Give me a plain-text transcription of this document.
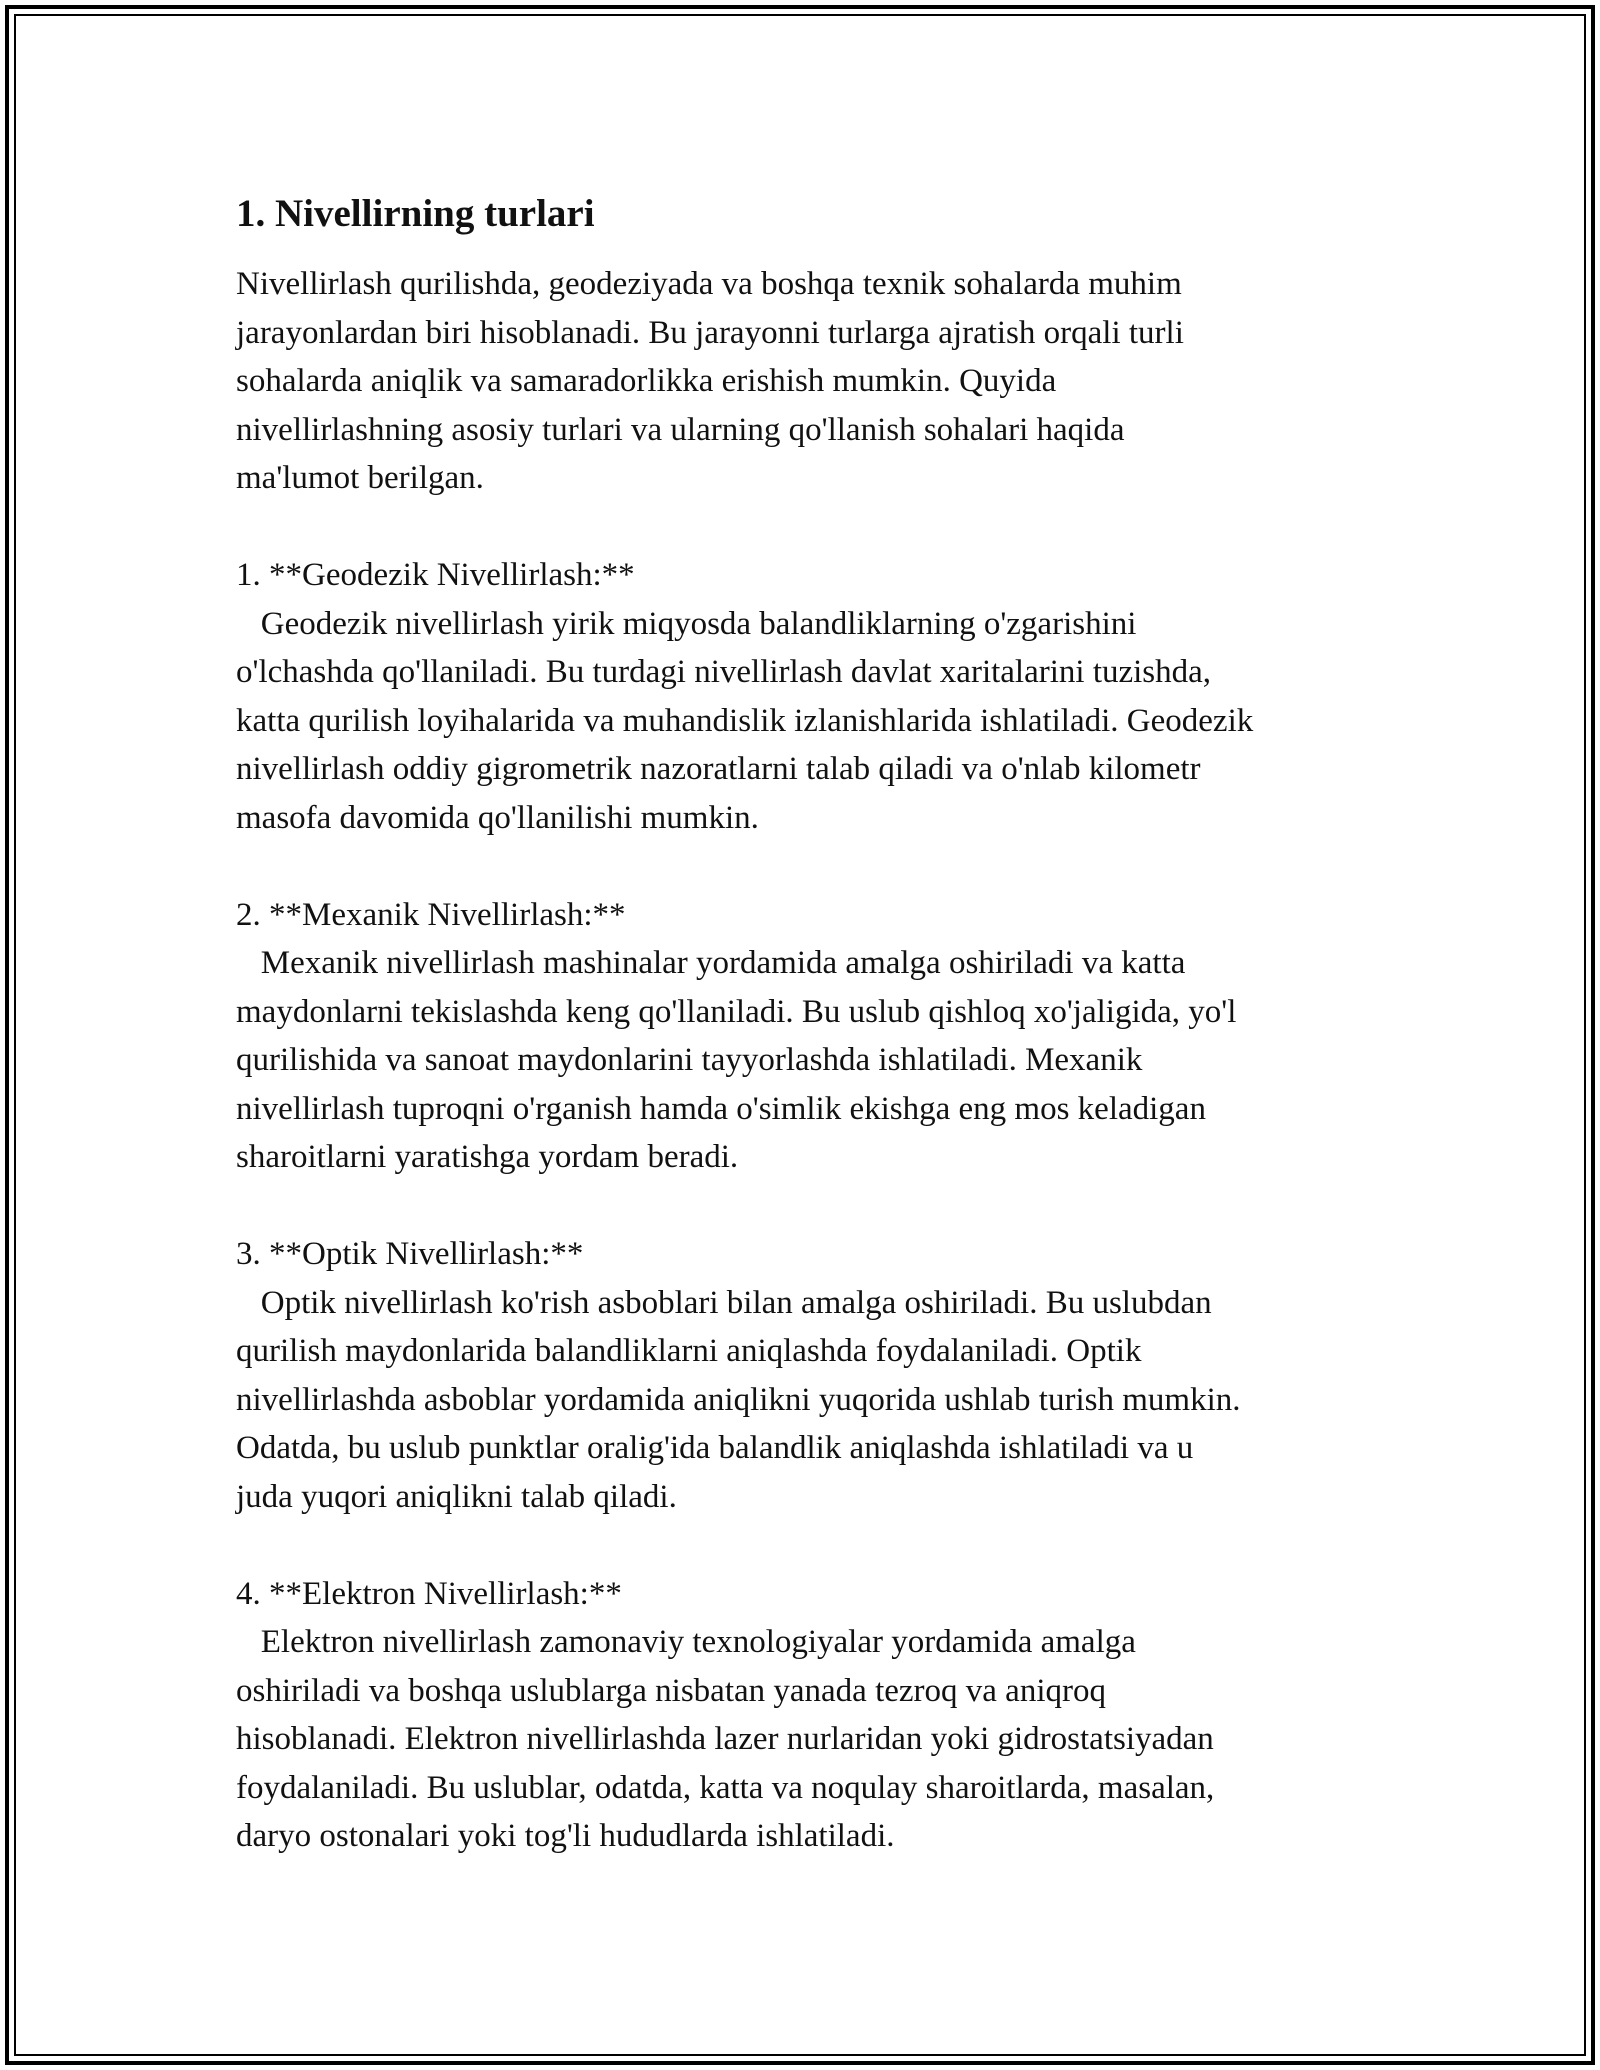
1. Nivellirning turlari

Nivellirlash qurilishda, geodeziyada va boshqa texnik sohalarda muhim
jarayonlardan biri hisoblanadi. Bu jarayonni turlarga ajratish orqali turli
sohalarda aniqlik va samaradorlikka erishish mumkin. Quyida
nivellirlashning asosiy turlari va ularning qo'llanish sohalari haqida
ma'lumot berilgan.

1. **Geodezik Nivellirlash:**

Geodezik nivellirlash yirik miqyosda balandliklarning o'zgarishini
o'lchashda qo'llaniladi. Bu turdagi nivellirlash davlat xaritalarini tuzishda,
katta qurilish loyihalarida va muhandislik izlanishlarida ishlatiladi. Geodezik
nivellirlash oddiy gigrometrik nazoratlarni talab qiladi va o'nlab kilometr
masofa davomida qo'llanilishi mumkin.

2. **Mexanik Nivellirlash:**

Mexanik nivellirlash mashinalar yordamida amalga oshiriladi va katta
maydonlarni tekislashda keng qo'llaniladi. Bu uslub qishloq xo'jaligida, yo'l
qurilishida va sanoat maydonlarini tayyorlashda ishlatiladi. Mexanik
nivellirlash tuproqni o'rganish hamda o'simlik ekishga eng mos keladigan
sharoitlarni yaratishga yordam beradi.

3. **Optik Nivellirlash:**

Optik nivellirlash ko'rish asboblari bilan amalga oshiriladi. Bu uslubdan
qurilish maydonlarida balandliklarni aniqlashda foydalaniladi. Optik
nivellirlashda asboblar yordamida aniqlikni yuqorida ushlab turish mumkin.
Odatda, bu uslub punktlar oralig'ida balandlik aniqlashda ishlatiladi va u
juda yuqori aniqlikni talab qiladi.

4. **Elektron Nivellirlash:**

Elektron nivellirlash zamonaviy texnologiyalar yordamida amalga
oshiriladi va boshqa uslublarga nisbatan yanada tezroq va aniqroq
hisoblanadi. Elektron nivellirlashda lazer nurlaridan yoki gidrostatsiyadan
foydalaniladi. Bu uslublar, odatda, katta va noqulay sharoitlarda, masalan,
daryo ostonalari yoki tog'li hududlarda ishlatiladi.
